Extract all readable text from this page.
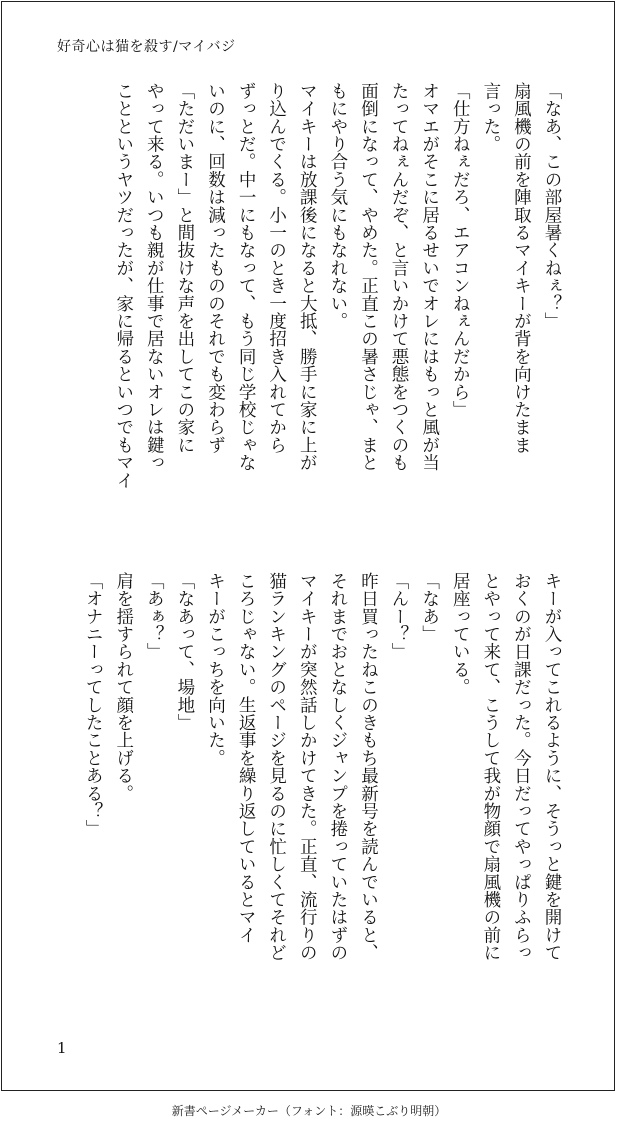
好奇心は猫を殺す/マイバジ
「なあ、この部屋暑くねぇ？」
扇風機の前を陣取るマイキーが背を向けたまま
言った。
「仕方ねぇだろ、エアコンねぇんだから」
オマエがそこに居るせいでオレにはもっと風が当
たってねぇんだぞ、と言いかけて悪態をつくのも
面倒になって、やめた。正直この暑さじゃ、まと
もにやり合う気にもなれない。
マイキーは放課後になると大抵、勝手に家に上が
り込んでくる。小一のとき一度招き入れてから
ずっとだ。中一にもなって、もう同じ学校じゃな
いのに、回数は減ったもののそれでも変わらず
「ただいまー」と間抜けな声を出してこの家に
やって来る。いつも親が仕事で居ないオレは鍵っ
ことというヤツだったが、家に帰るといつでもマイ
キーが入ってこれるように、そうっと鍵を開けて
おくのが日課だった。今日だってやっぱりふらっ
とやって来て、こうして我が物顔で扇風機の前に
居座っている。
「なあ」
「んー？」
昨日買ったねこのきもち最新号を読んでいると、
それまでおとなしくジャンプを捲っていたはずの
マイキーが突然話しかけてきた。正直、流行りの
猫ランキングのページを見るのに忙しくてそれど
ころじゃない。生返事を繰り返しているとマイ
キーがこっちを向いた。
「なあって、場地」
「あぁ？」
肩を揺すられて顔を上げる。
「オナニーってしたことある？」
1
新書ページメーカー（フォント：源暎こぶり明朝）
